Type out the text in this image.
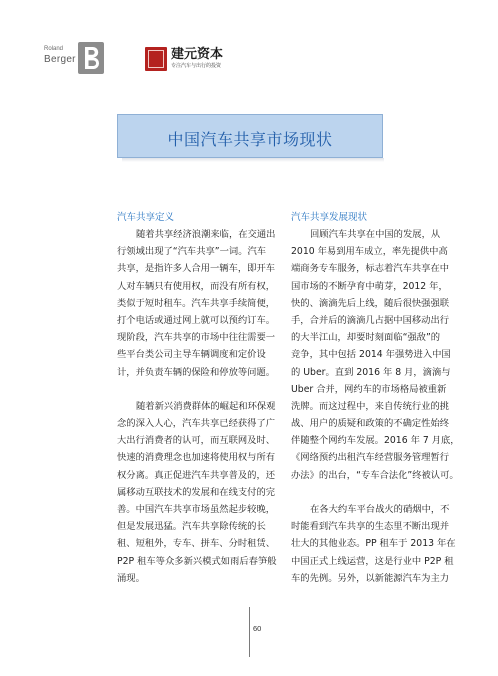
Roland
Berger	建元资本
专注汽车与出行的投资
中国汽车共享市场现状
汽车共享定义	汽车共享发展现状

随着共享经济浪潮来临，在交通出
行领域出现了“汽车共享”一词。汽车
共享，是指许多人合用一辆车，即开车
人对车辆只有使用权，而没有所有权，
类似于短时租车。汽车共享手续简便，
打个电话或通过网上就可以预约订车。
现阶段，汽车共享的市场中往往需要一
些平台类公司主导车辆调度和定价设
计，并负责车辆的保险和停放等问题。

随着新兴消费群体的崛起和环保观
念的深入人心，汽车共享已经获得了广
大出行消费者的认可，而互联网及时、
快速的消费理念也加速将使用权与所有
权分离。真正促进汽车共享普及的，还
属移动互联技术的发展和在线支付的完
善。中国汽车共享市场虽然起步较晚，
但是发展迅猛。汽车共享除传统的长
租、短租外，专车、拼车、分时租赁、
P2P 租车等众多新兴模式如雨后春笋般
涌现。

回顾汽车共享在中国的发展，从
2010 年易到用车成立，率先提供中高
端商务专车服务，标志着汽车共享在中
国市场的不断孕育中萌芽，2012 年，
快的、滴滴先后上线，随后很快强强联
手，合并后的滴滴几占据中国移动出行
的大半江山，却要时刻面临“强敌”的
竞争，其中包括 2014 年强势进入中国
的 Uber。直到 2016 年 8 月，滴滴与
Uber 合并，网约车的市场格局被重新
洗牌。而这过程中，来自传统行业的挑
战、用户的质疑和政策的不确定性始终
伴随整个网约车发展。2016 年 7 月底，
《网络预约出租汽车经营服务管理暂行
办法》的出台，“专车合法化”终被认可。

在各大约车平台战火的硝烟中，不
时能看到汽车共享的生态里不断出现并
壮大的其他业态。PP 租车于 2013 年在
中国正式上线运营，这是行业中 P2P 租
车的先例。另外，以新能源汽车为主力

60
